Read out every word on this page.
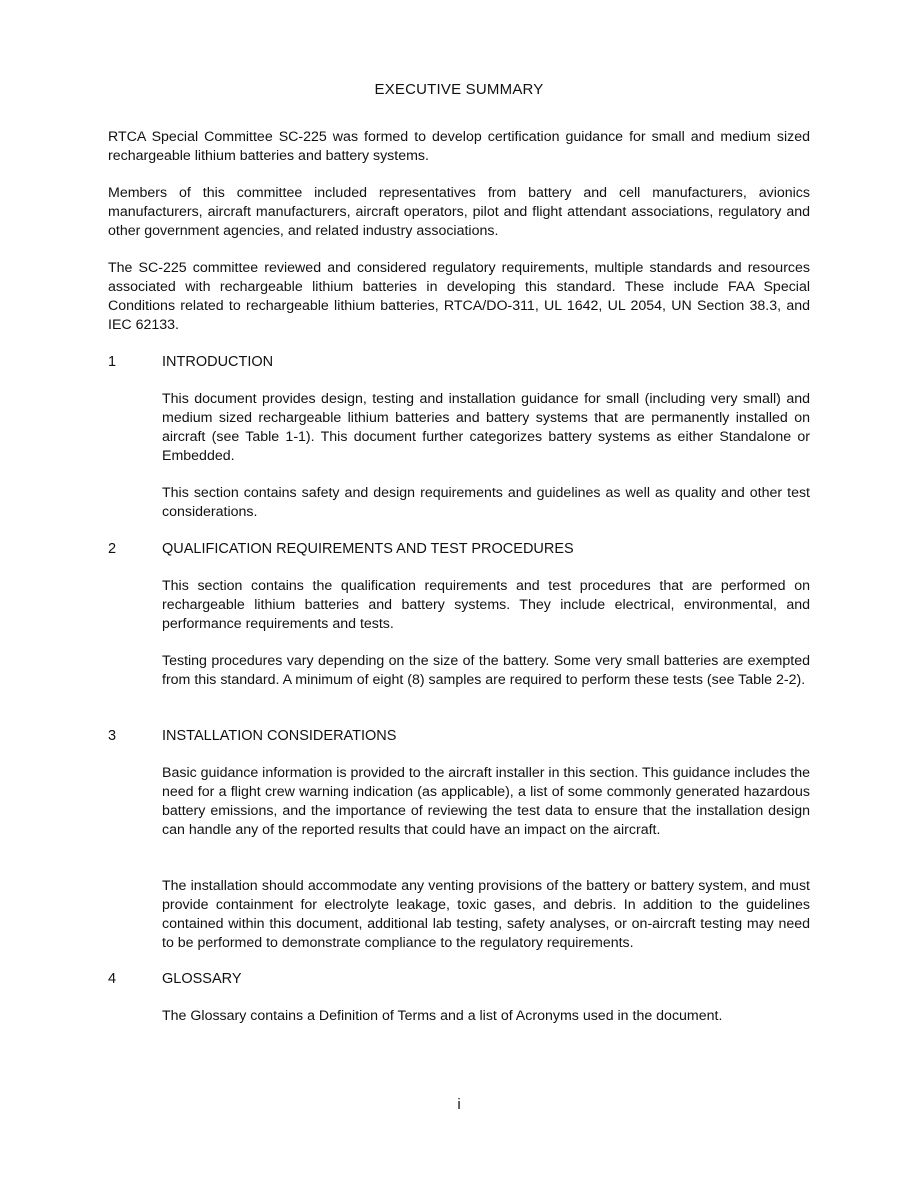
EXECUTIVE SUMMARY

RTCA Special Committee SC-225 was formed to develop certification guidance for small and medium sized rechargeable lithium batteries and battery systems.

Members of this committee included representatives from battery and cell manufacturers, avionics manufacturers, aircraft manufacturers, aircraft operators, pilot and flight attendant associations, regulatory and other government agencies, and related industry associations.

The SC-225 committee reviewed and considered regulatory requirements, multiple standards and resources associated with rechargeable lithium batteries in developing this standard. These include FAA Special Conditions related to rechargeable lithium batteries, RTCA/DO-311, UL 1642, UL 2054, UN Section 38.3, and IEC 62133.

1	INTRODUCTION

This document provides design, testing and installation guidance for small (including very small) and medium sized rechargeable lithium batteries and battery systems that are permanently installed on aircraft (see Table 1-1). This document further categorizes battery systems as either Standalone or Embedded.

This section contains safety and design requirements and guidelines as well as quality and other test considerations.

2	QUALIFICATION REQUIREMENTS AND TEST PROCEDURES

This section contains the qualification requirements and test procedures that are performed on rechargeable lithium batteries and battery systems. They include electrical, environmental, and performance requirements and tests.

Testing procedures vary depending on the size of the battery. Some very small batteries are exempted from this standard. A minimum of eight (8) samples are required to perform these tests (see Table 2-2).

3	INSTALLATION CONSIDERATIONS

Basic guidance information is provided to the aircraft installer in this section. This guidance includes the need for a flight crew warning indication (as applicable), a list of some commonly generated hazardous battery emissions, and the importance of reviewing the test data to ensure that the installation design can handle any of the reported results that could have an impact on the aircraft.

The installation should accommodate any venting provisions of the battery or battery system, and must provide containment for electrolyte leakage, toxic gases, and debris. In addition to the guidelines contained within this document, additional lab testing, safety analyses, or on-aircraft testing may need to be performed to demonstrate compliance to the regulatory requirements.

4	GLOSSARY

The Glossary contains a Definition of Terms and a list of Acronyms used in the document.

i
